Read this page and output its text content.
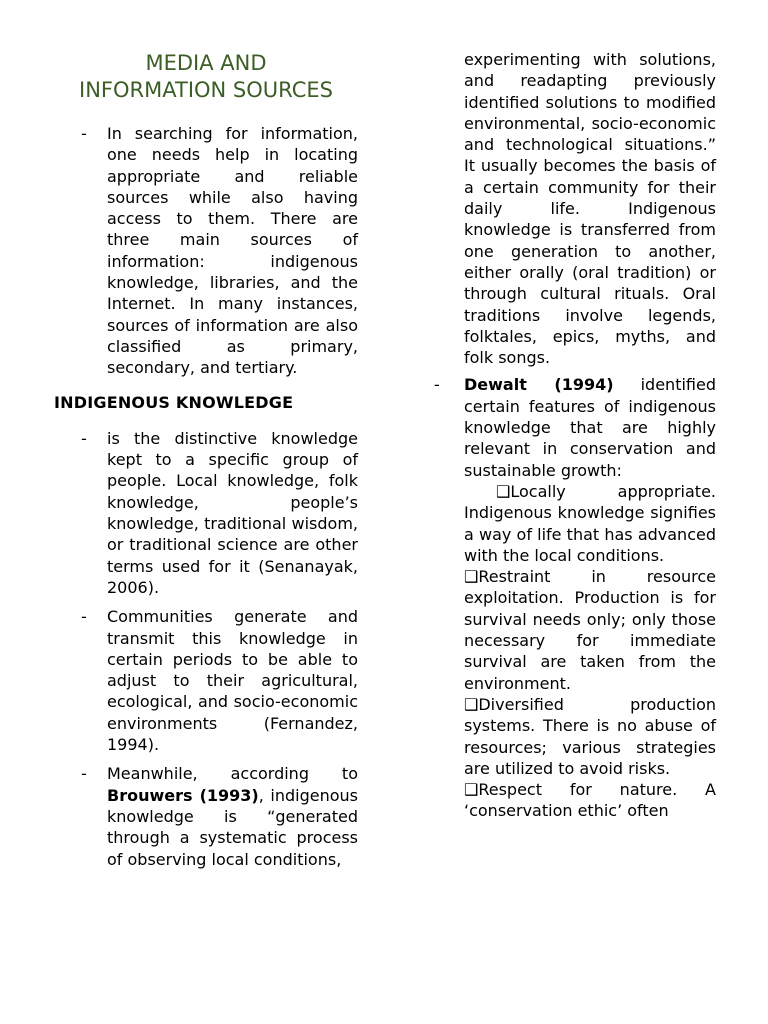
MEDIA AND
INFORMATION SOURCES
- In searching for information, one needs help in locating appropriate and reliable sources while also having access to them. There are three main sources of information: indigenous knowledge, libraries, and the Internet. In many instances, sources of information are also classified as primary, secondary, and tertiary.
INDIGENOUS KNOWLEDGE
- is the distinctive knowledge kept to a specific group of people. Local knowledge, folk knowledge, people’s knowledge, traditional wisdom, or traditional science are other terms used for it (Senanayak, 2006).
- Communities generate and transmit this knowledge in certain periods to be able to adjust to their agricultural, ecological, and socio-economic environments (Fernandez, 1994).
- Meanwhile, according to Brouwers (1993), indigenous knowledge is “generated through a systematic process of observing local conditions,
experimenting with solutions, and readapting previously identified solutions to modified environmental, socio-economic and technological situations.” It usually becomes the basis of a certain community for their daily life. Indigenous knowledge is transferred from one generation to another, either orally (oral tradition) or through cultural rituals. Oral traditions involve legends, folktales, epics, myths, and folk songs.
- Dewalt (1994) identified certain features of indigenous knowledge that are highly relevant in conservation and sustainable growth:
❑Locally appropriate. Indigenous knowledge signifies a way of life that has advanced with the local conditions.
❑Restraint in resource exploitation. Production is for survival needs only; only those necessary for immediate survival are taken from the environment.
❑Diversified production systems. There is no abuse of resources; various strategies are utilized to avoid risks.
❑Respect for nature. A ‘conservation ethic’ often
